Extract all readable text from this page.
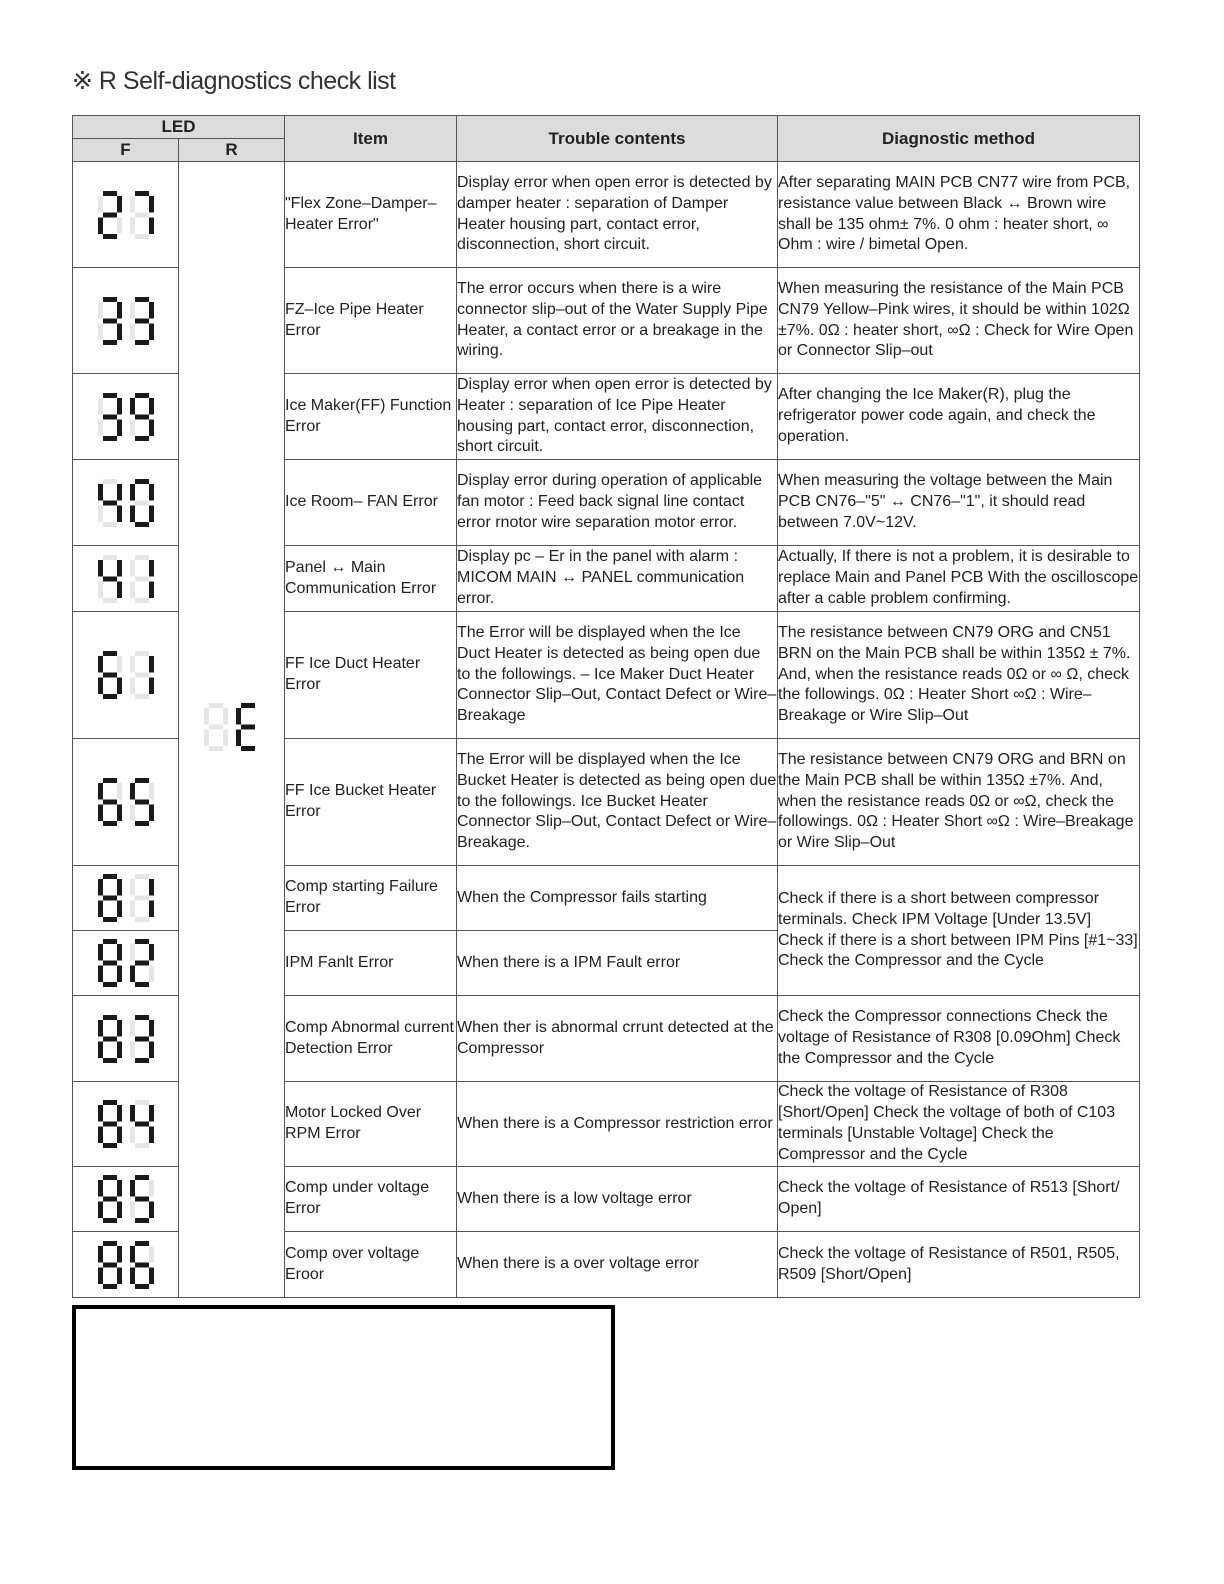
※ R Self-diagnostics check list
LED		Item	Trouble contents	Diagnostic method
F	R			

		"Flex Zone–Damper– Heater Error"	Display error when open error is detected by damper heater : separation of Damper Heater housing part, contact error, disconnection, short circuit.	After separating MAIN PCB CN77 wire from PCB, resistance value between Black ↔ Brown wire shall be 135 ohm± 7%. 0 ohm : heater short, ∞ Ohm : wire / bimetal Open.

	FZ–Ice Pipe Heater Error	The error occurs when there is a wire connector slip–out of the Water Supply Pipe Heater, a contact error or a breakage in the wiring.	When measuring the resistance of the Main PCB CN79 Yellow–Pink wires, it should be within 102Ω ±7%. 0Ω : heater short, ∞Ω : Check for Wire Open or Connector Slip–out

	Ice Maker(FF) Function Error	Display error when open error is detected by Heater : separation of Ice Pipe Heater housing part, contact error, disconnection, short circuit.	After changing the Ice Maker(R), plug the refrigerator power code again, and check the operation.

	Ice Room– FAN Error	Display error during operation of applicable fan motor : Feed back signal line contact error rnotor wire separation motor error.	When measuring the voltage between the Main PCB CN76–"5" ↔ CN76–"1", it should read between 7.0V~12V.

	Panel ↔ Main Communication Error	Display pc – Er in the panel with alarm : MICOM MAIN ↔ PANEL communication error.	Actually, If there is not a problem, it is desirable to replace Main and Panel PCB With the oscilloscope after a cable problem confirming.

	FF Ice Duct Heater Error	The Error will be displayed when the Ice Duct Heater is detected as being open due to the followings. – Ice Maker Duct Heater Connector Slip–Out, Contact Defect or Wire–Breakage	The resistance between CN79 ORG and CN51 BRN on the Main PCB shall be within 135Ω ± 7%. And, when the resistance reads 0Ω or ∞ Ω, check the followings. 0Ω : Heater Short ∞Ω : Wire–Breakage or Wire Slip–Out

	FF Ice Bucket Heater Error	The Error will be displayed when the Ice Bucket Heater is detected as being open due to the followings. Ice Bucket Heater Connector Slip–Out, Contact Defect or Wire–Breakage.	The resistance between CN79 ORG and BRN on the Main PCB shall be within 135Ω ±7%. And, when the resistance reads 0Ω or ∞Ω, check the followings. 0Ω : Heater Short ∞Ω : Wire–Breakage or Wire Slip–Out

	Comp starting Failure Error	When the Compressor fails starting	Check if there is a short between compressor terminals. Check IPM Voltage [Under 13.5V] Check if there is a short between IPM Pins [#1~33] Check the Compressor and the Cycle

	IPM Fanlt Error	When there is a IPM Fault error	

	Comp Abnormal current Detection Error	When ther is abnormal crrunt detected at the Compressor	Check the Compressor connections Check the voltage of Resistance of R308 [0.09Ohm] Check the Compressor and the Cycle

	Motor Locked Over RPM Error	When there is a Compressor restriction error	Check the voltage of Resistance of R308 [Short/Open] Check the voltage of both of C103 terminals [Unstable Voltage] Check the Compressor and the Cycle

	Comp under voltage Error	When there is a low voltage error	Check the voltage of Resistance of R513 [Short/ Open]

	Comp over voltage Eroor	When there is a over voltage error	Check the voltage of Resistance of R501, R505, R509 [Short/Open]
